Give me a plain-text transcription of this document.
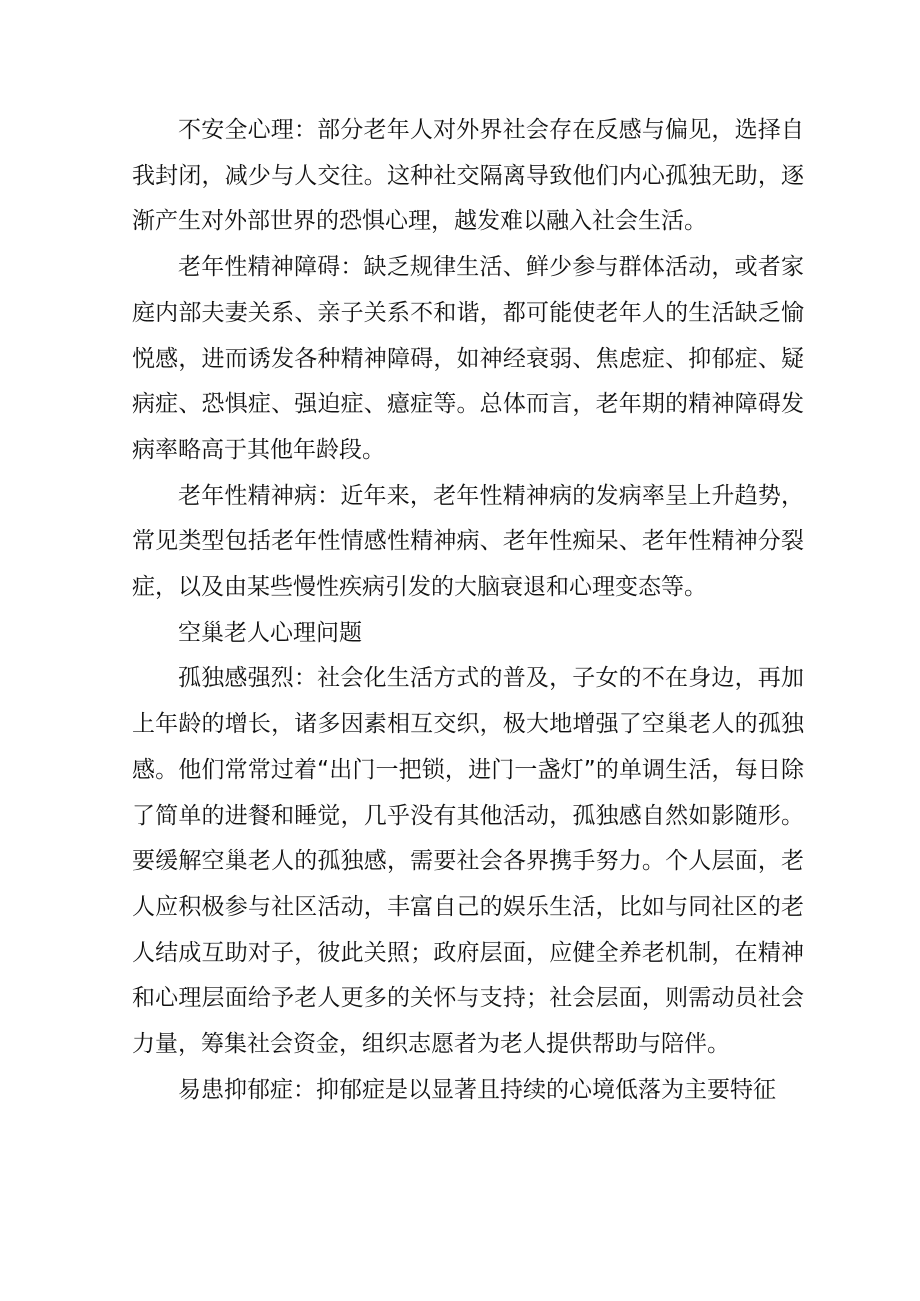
不安全心理：部分老年人对外界社会存在反感与偏见，选择自我封闭，减少与人交往。这种社交隔离导致他们内心孤独无助，逐渐产生对外部世界的恐惧心理，越发难以融入社会生活。

老年性精神障碍：缺乏规律生活、鲜少参与群体活动，或者家庭内部夫妻关系、亲子关系不和谐，都可能使老年人的生活缺乏愉悦感，进而诱发各种精神障碍，如神经衰弱、焦虑症、抑郁症、疑病症、恐惧症、强迫症、癔症等。总体而言，老年期的精神障碍发病率略高于其他年龄段。

老年性精神病：近年来，老年性精神病的发病率呈上升趋势，常见类型包括老年性情感性精神病、老年性痴呆、老年性精神分裂症，以及由某些慢性疾病引发的大脑衰退和心理变态等。

空巢老人心理问题

孤独感强烈：社会化生活方式的普及，子女的不在身边，再加上年龄的增长，诸多因素相互交织，极大地增强了空巢老人的孤独感。他们常常过着“出门一把锁，进门一盏灯”的单调生活，每日除了简单的进餐和睡觉，几乎没有其他活动，孤独感自然如影随形。要缓解空巢老人的孤独感，需要社会各界携手努力。个人层面，老人应积极参与社区活动，丰富自己的娱乐生活，比如与同社区的老人结成互助对子，彼此关照；政府层面，应健全养老机制，在精神和心理层面给予老人更多的关怀与支持；社会层面，则需动员社会力量，筹集社会资金，组织志愿者为老人提供帮助与陪伴。

易患抑郁症：抑郁症是以显著且持续的心境低落为主要特征
